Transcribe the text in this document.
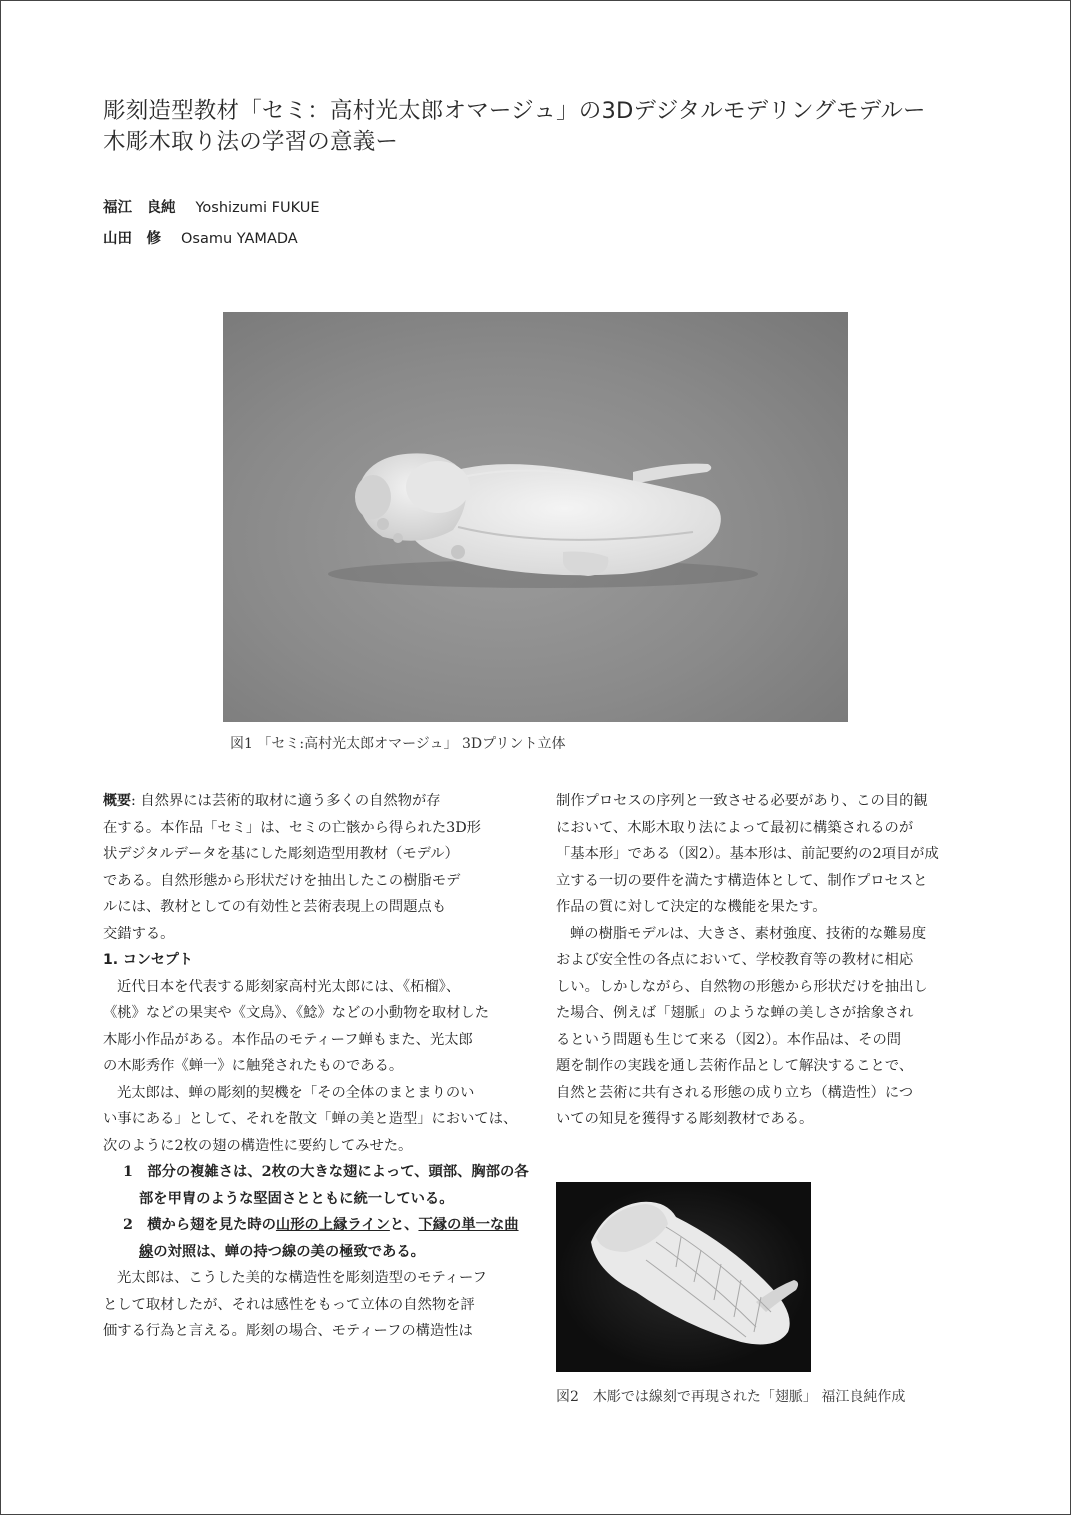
彫刻造型教材「セミ：高村光太郎オマージュ」の3Dデジタルモデリングモデルー
木彫木取り法の学習の意義ー
福江　良純 Yoshizumi FUKUE
山田　修 Osamu YAMADA
図1 「セミ:高村光太郎オマージュ」 3Dプリント立体

概要: 自然界には芸術的取材に適う多くの自然物が存

在する。本作品「セミ」は、セミの亡骸から得られた3D形

状デジタルデータを基にした彫刻造型用教材（モデル）

である。自然形態から形状だけを抽出したこの樹脂モデ

ルには、教材としての有効性と芸術表現上の問題点も

交錯する。

1. コンセプト

近代日本を代表する彫刻家高村光太郎には、《柘榴》、

《桃》などの果実や《文鳥》、《鯰》などの小動物を取材した

木彫小作品がある。本作品のモティーフ蝉もまた、光太郎

の木彫秀作《蝉一》に触発されたものである。

光太郎は、蝉の彫刻的契機を「その全体のまとまりのい

い事にある」として、それを散文「蝉の美と造型」においては、

次のように2枚の翅の構造性に要約してみせた。

1　部分の複雑さは、2枚の大きな翅によって、頭部、胸部の各

部を甲冑のような堅固さとともに統一している。

2　横から翅を見た時の山形の上縁ラインと、下縁の単一な曲

線の対照は、蝉の持つ線の美の極致である。

光太郎は、こうした美的な構造性を彫刻造型のモティーフ

として取材したが、それは感性をもって立体の自然物を評

価する行為と言える。彫刻の場合、モティーフの構造性は

制作プロセスの序列と一致させる必要があり、この目的観

において、木彫木取り法によって最初に構築されるのが

「基本形」である（図2）。基本形は、前記要約の2項目が成

立する一切の要件を満たす構造体として、制作プロセスと

作品の質に対して決定的な機能を果たす。

蝉の樹脂モデルは、大きさ、素材強度、技術的な難易度

および安全性の各点において、学校教育等の教材に相応

しい。しかしながら、自然物の形態から形状だけを抽出し

た場合、例えば「翅脈」のような蝉の美しさが捨象され

るという問題も生じて来る（図2）。本作品は、その問

題を制作の実践を通し芸術作品として解決することで、

自然と芸術に共有される形態の成り立ち（構造性）につ

いての知見を獲得する彫刻教材である。

図2　木彫では線刻で再現された「翅脈」 福江良純作成
